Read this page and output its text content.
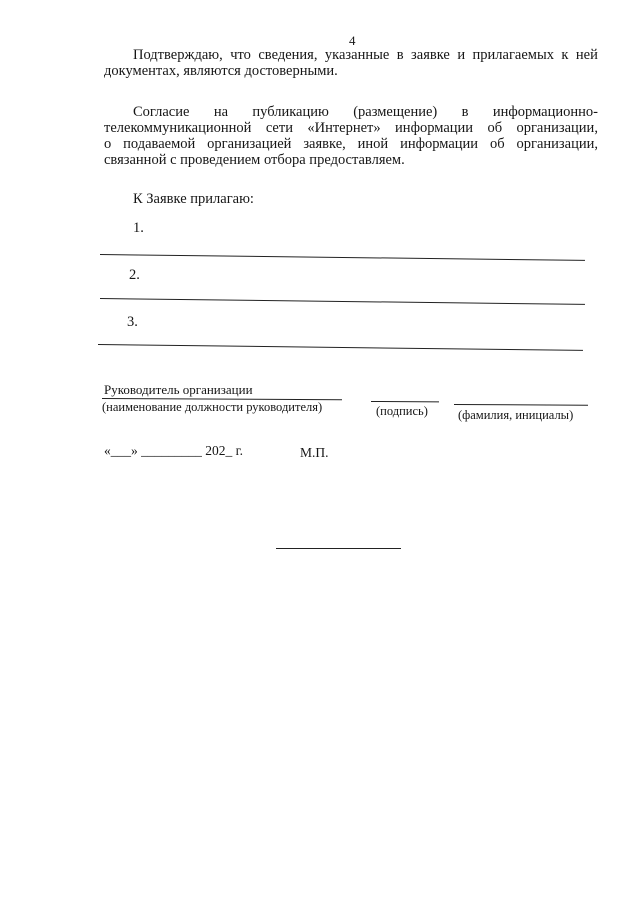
4
Подтверждаю, что сведения, указанные в заявке и прилагаемых к ней
документах, являются достоверными.
Согласие на публикацию (размещение) в информационно-
телекоммуникационной сети «Интернет» информации об организации,
о подаваемой организацией заявке, иной информации об организации,
связанной с проведением отбора предоставляем.
К Заявке прилагаю:
1.
2.
3.
Руководитель организации
(наименование должности руководителя)	(подпись) (фамилия, инициалы)
«___» _________ 202_ г.	М.П.
